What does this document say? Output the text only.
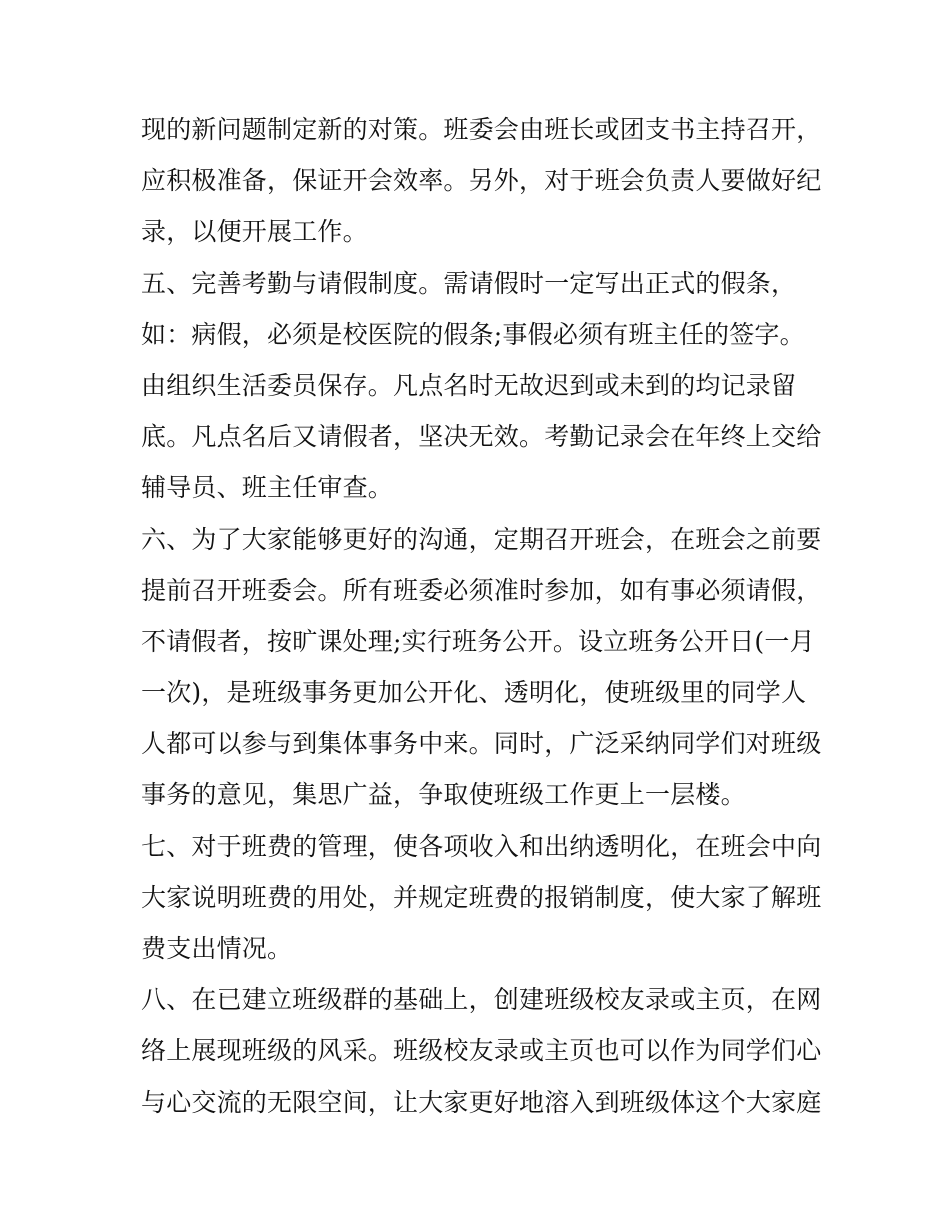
现的新问题制定新的对策。班委会由班长或团支书主持召开，
应积极准备，保证开会效率。另外，对于班会负责人要做好纪
录，以便开展工作。
五、完善考勤与请假制度。需请假时一定写出正式的假条，
如：病假，必须是校医院的假条;事假必须有班主任的签字。
由组织生活委员保存。凡点名时无故迟到或未到的均记录留
底。凡点名后又请假者，坚决无效。考勤记录会在年终上交给
辅导员、班主任审查。
六、为了大家能够更好的沟通，定期召开班会，在班会之前要
提前召开班委会。所有班委必须准时参加，如有事必须请假，
不请假者，按旷课处理;实行班务公开。设立班务公开日(一月
一次)，是班级事务更加公开化、透明化，使班级里的同学人
人都可以参与到集体事务中来。同时，广泛采纳同学们对班级
事务的意见，集思广益，争取使班级工作更上一层楼。
七、对于班费的管理，使各项收入和出纳透明化，在班会中向
大家说明班费的用处，并规定班费的报销制度，使大家了解班
费支出情况。
八、在已建立班级群的基础上，创建班级校友录或主页，在网
络上展现班级的风采。班级校友录或主页也可以作为同学们心
与心交流的无限空间，让大家更好地溶入到班级体这个大家庭
